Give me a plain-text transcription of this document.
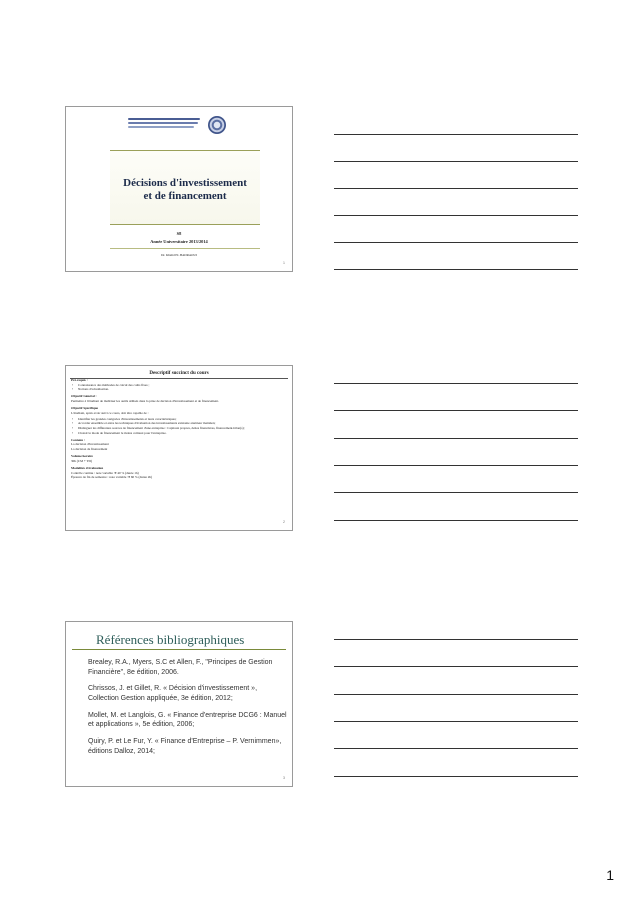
Décisions d'investissement
et de financement
S8
Année Universitaire 2013/2014
Dr. Khalid EL BADRAOUI
1
Descriptif succinct du cours
Pré-requis :
• Connaissance des méthodes de calcul des coûts fixes ;
• Notions d'actualisation.
Objectif Général :
Permettre à l'étudiant de maîtriser les outils utilisés dans la prise de décision d'investissement et de financement.
Objectif Spécifique
L'étudiant, après avoir suivi ce cours, doit être capable de :
• Identifier les grandes catégories d'investissements et leurs caractéristiques;
• Accorder ensemble et entre les techniques d'évaluation des investissements existante antérieur maintien;
• Distinguer les différentes sources de financement d'une entreprise : Capitaux propres, dettes financières, financement-bilan(s);
• Choisir le mode de financement le moins coûteux pour l'entreprise.
Contenu :
La décision d'investissement
La décision de financement
Volume horaire
30h (CM + TD)
Modalités d'évaluation
Contrôle continu : note variable ➔ 40 % (durée 1h)
Épreuve de fin de semestre : note variable ➔ 60 % (durée 2h)
2
Références bibliographiques

Brealey, R.A., Myers, S.C et Allen, F., "Principes de Gestion Financière", 8e édition, 2006.

Chrissos, J. et Gillet, R. « Décision d'investissement », Collection Gestion appliquée, 3e édition, 2012;

Mollet, M. et Langlois, G. « Finance d'entreprise DCG6 : Manuel et applications », 5e édition, 2006;

Quiry, P. et Le Fur, Y. « Finance d'Entreprise – P. Vernimmen», éditions Dalloz, 2014;

3
1
